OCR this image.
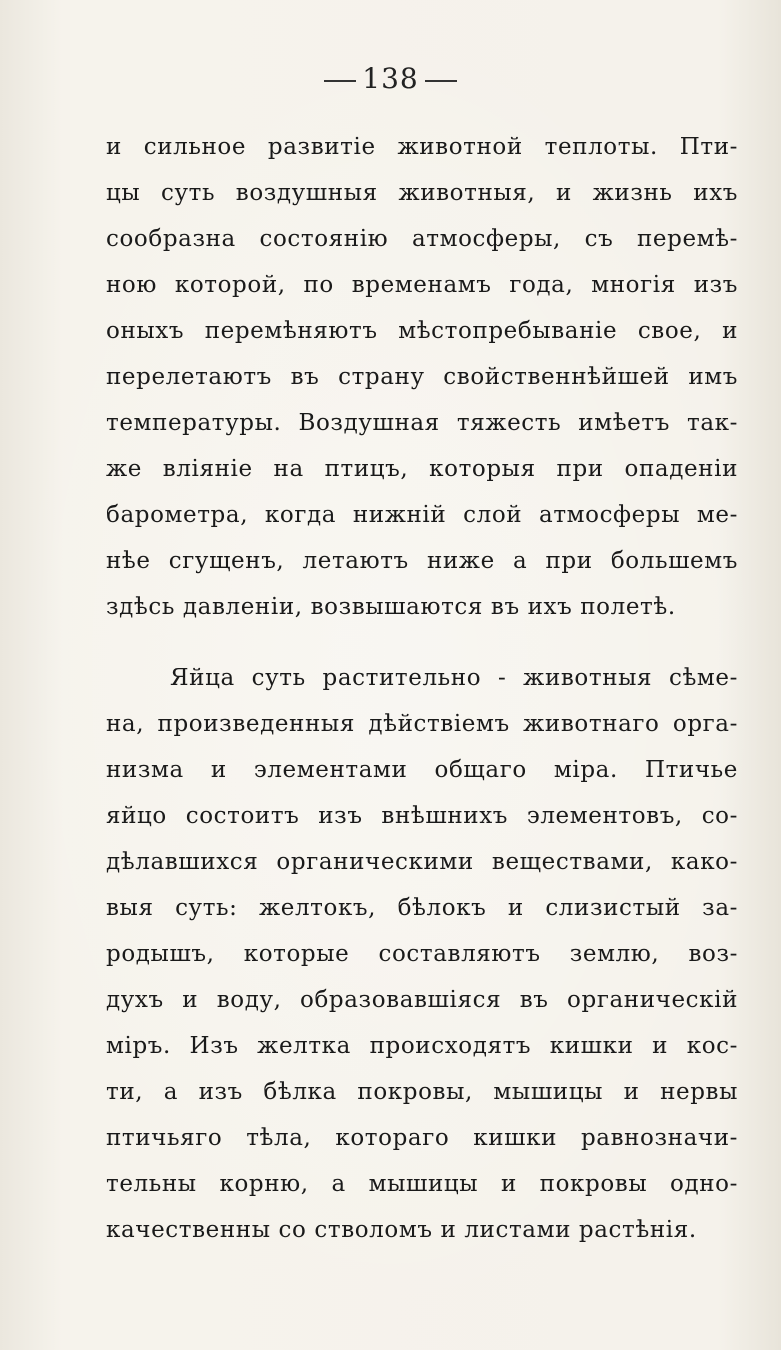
138
и сильное развитіе животной теплоты. Пти-
цы суть воздушныя животныя, и жизнь ихъ
сообразна состоянію атмосферы, съ перемѣ-
ною которой, по временамъ года, многія изъ
оныхъ перемѣняютъ мѣстопребываніе свое, и
перелетаютъ въ страну свойственнѣйшей имъ
температуры. Воздушная тяжесть имѣетъ так-
же вліяніе на птицъ, которыя при опаденіи
барометра, когда нижній слой атмосферы ме-
нѣе сгущенъ, летаютъ ниже а при большемъ
здѣсь давленіи, возвышаются въ ихъ полетѣ.
Яйца суть растительно - животныя сѣме-
на, произведенныя дѣйствіемъ животнаго орга-
низма и элементами общаго міра. Птичье
яйцо состоитъ изъ внѣшнихъ элементовъ, со-
дѣлавшихся органическими веществами, како-
выя суть: желтокъ, бѣлокъ и слизистый за-
родышъ, которые составляютъ землю, воз-
духъ и воду, образовавшіяся въ органическій
міръ. Изъ желтка происходятъ кишки и кос-
ти, а изъ бѣлка покровы, мышицы и нервы
птичьяго тѣла, котораго кишки равнозначи-
тельны корню, а мышицы и покровы одно-
качественны со стволомъ и листами растѣнія.
